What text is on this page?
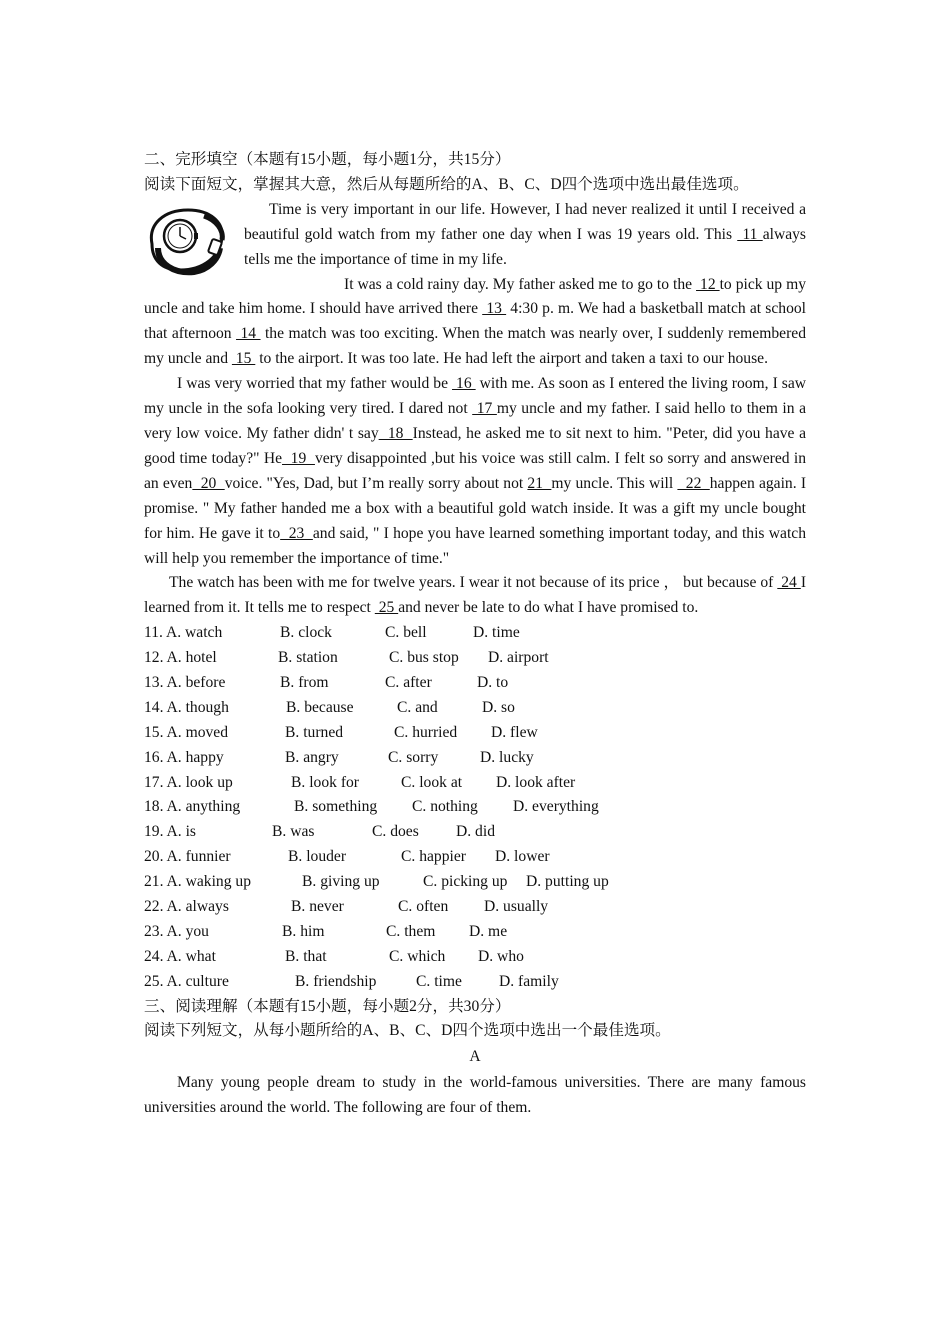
二、完形填空（本题有15小题，每小题1分，共15分）
阅读下面短文，掌握其大意，然后从每题所给的A、B、C、D四个选项中选出最佳选项。
Time is very important in our life. However, I had never realized it until I received a beautiful gold watch from my father one day when I was 19 years old. This  11 always tells me the importance of time in my life.
It was a cold rainy day. My father asked me to go to the  12 to pick up my uncle and take him home. I should have arrived there  13  4:30 p. m. We had a basketball match at school that afternoon  14  the match was too exciting. When the match was nearly over, I suddenly remembered my uncle and  15  to the airport. It was too late. He had left the airport and taken a taxi to our house.
I was very worried that my father would be  16  with me. As soon as I entered the living room, I saw my uncle in the sofa looking very tired. I dared not  17 my uncle and my father. I said hello to them in a very low voice. My father didn' t say  18  Instead, he asked me to sit next to him. "Peter, did you have a good time today?" He  19  very disappointed ,but his voice was still calm. I felt so sorry and answered in an even  20  voice. "Yes, Dad, but I’m really sorry about not 21  my uncle. This will   22  happen again. I promise. " My father handed me a box with a beautiful gold watch inside. It was a gift my uncle bought for him. He gave it to  23  and said, " I hope you have learned something important today, and this watch will help you remember the importance of time."
The watch has been with me for twelve years. I wear it not because of its price ， but because of  24 I learned from it. It tells me to respect  25 and never be late to do what I have promised to.
11. A. watch	B. clock	C. bell	D. time
12. A. hotel	B. station	C. bus stop D. airport
13. A. before	B. from	C. after	D. to
14. A. though	B. because	C. and	D. so
15. A. moved	B. turned	C. hurried D. flew
16. A. happy	B. angry	C. sorry	D. lucky
17. A. look up	B. look for	C. look at D. look after
18. A. anything	B. something C. nothing D. everything
19. A. is	B. was	C. does D. did
20. A. funnier	B. louder	C. happier D. lower
21. A. waking up	B. giving up	C. picking up D. putting up
22. A. always	B. never	C. often D. usually
23. A. you	B. him	C. them D. me
24. A. what	B. that	C. which D. who
25. A. culture	B. friendship	C. time D. family
三、阅读理解（本题有15小题，每小题2分，共30分）
阅读下列短文，从每小题所给的A、B、C、D四个选项中选出一个最佳选项。
A
Many young people dream to study in the world-famous universities. There are many famous universities around the world. The following are four of them.
